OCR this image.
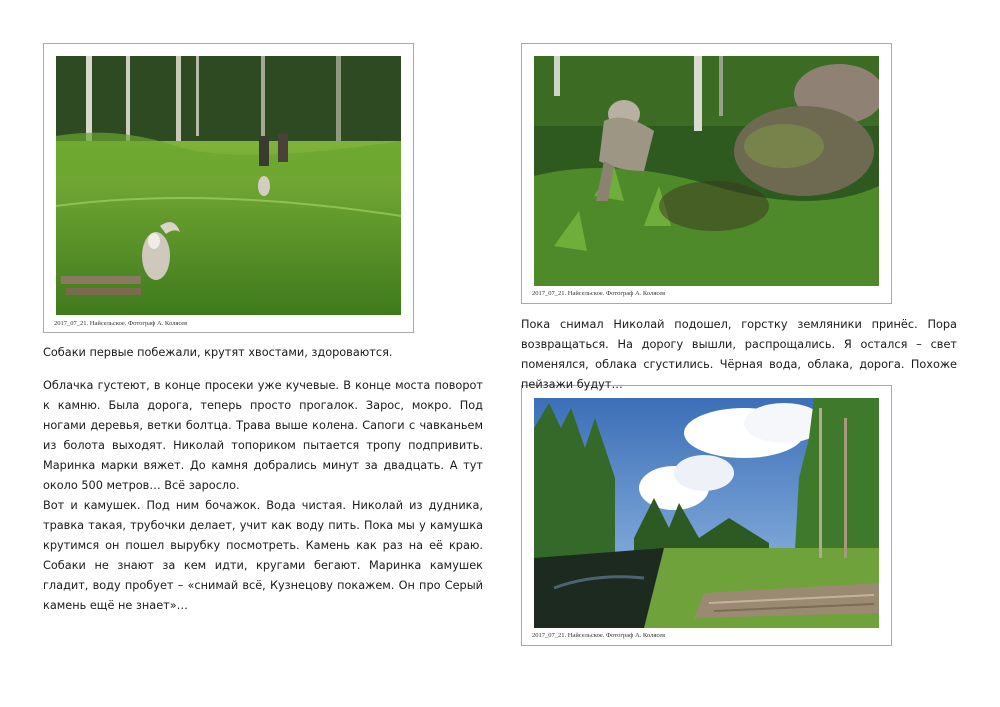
2017_07_21. Найсельское. Фотограф А. Колясев
2017_07_21. Найсельское. Фотограф А. Колясев
2017_07_21. Найсельское. Фотограф А. Колясев

Собаки первые побежали, крутят хвостами, здороваются.

Облачка густеют, в конце просеки уже кучевые. В конце моста поворот к камню. Была дорога, теперь просто прогалок. Зарос, мокро. Под ногами деревья, ветки болтца. Трава выше колена. Сапоги с чавканьем из болота выходят. Николай топориком пытается тропу подпривить. Маринка марки вяжет. До камня добрались минут за двадцать. А тут около 500 метров… Всё заросло.

Вот и камушек. Под ним бочажок. Вода чистая. Николай из дудника, травка такая, трубочки делает, учит как воду пить. Пока мы у камушка крутимся он пошел вырубку посмотреть. Камень как раз на её краю. Собаки не знают за кем идти, кругами бегают. Маринка камушек гладит, воду пробует – «снимай всё, Кузнецову покажем. Он про Серый камень ещё не знает»…

Пока снимал Николай подошел, горстку земляники принёс. Пора возвращаться. На дорогу вышли, распрощались. Я остался – свет поменялся, облака сгустились. Чёрная вода, облака, дорога. Похоже пейзажи будут…
